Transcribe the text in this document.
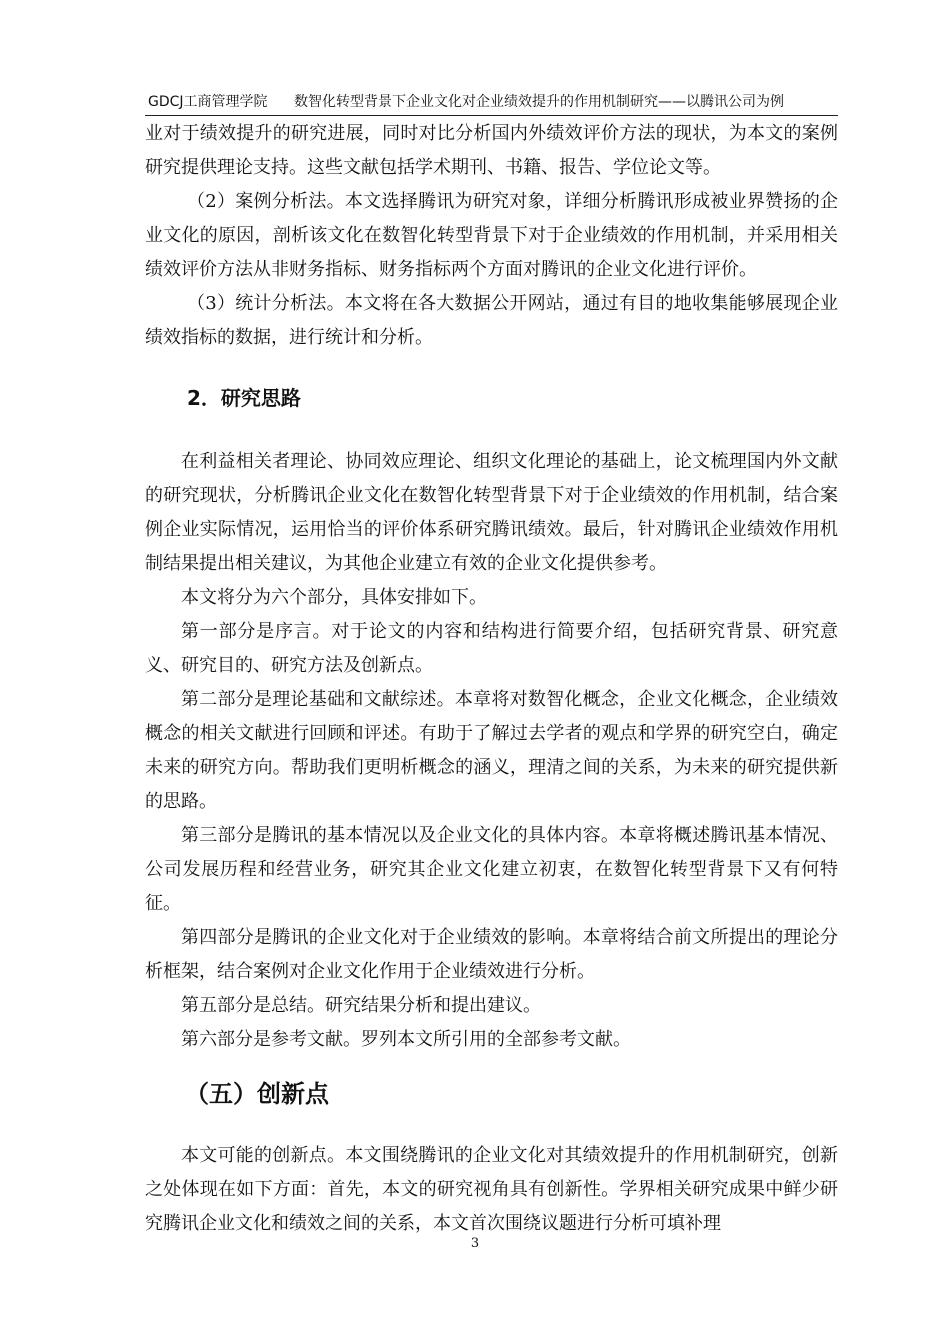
GDCJ工商管理学院 数智化转型背景下企业文化对企业绩效提升的作用机制研究——以腾讯公司为例

业对于绩效提升的研究进展，同时对比分析国内外绩效评价方法的现状，为本文的案例研究提供理论支持。这些文献包括学术期刊、书籍、报告、学位论文等。

（2）案例分析法。本文选择腾讯为研究对象，详细分析腾讯形成被业界赞扬的企业文化的原因，剖析该文化在数智化转型背景下对于企业绩效的作用机制，并采用相关绩效评价方法从非财务指标、财务指标两个方面对腾讯的企业文化进行评价。

（3）统计分析法。本文将在各大数据公开网站，通过有目的地收集能够展现企业绩效指标的数据，进行统计和分析。

2．研究思路

在利益相关者理论、协同效应理论、组织文化理论的基础上，论文梳理国内外文献的研究现状，分析腾讯企业文化在数智化转型背景下对于企业绩效的作用机制，结合案例企业实际情况，运用恰当的评价体系研究腾讯绩效。最后，针对腾讯企业绩效作用机制结果提出相关建议，为其他企业建立有效的企业文化提供参考。

本文将分为六个部分，具体安排如下。

第一部分是序言。对于论文的内容和结构进行简要介绍，包括研究背景、研究意义、研究目的、研究方法及创新点。

第二部分是理论基础和文献综述。本章将对数智化概念，企业文化概念，企业绩效概念的相关文献进行回顾和评述。有助于了解过去学者的观点和学界的研究空白，确定未来的研究方向。帮助我们更明析概念的涵义，理清之间的关系，为未来的研究提供新的思路。

第三部分是腾讯的基本情况以及企业文化的具体内容。本章将概述腾讯基本情况、公司发展历程和经营业务，研究其企业文化建立初衷，在数智化转型背景下又有何特征。

第四部分是腾讯的企业文化对于企业绩效的影响。本章将结合前文所提出的理论分析框架，结合案例对企业文化作用于企业绩效进行分析。

第五部分是总结。研究结果分析和提出建议。

第六部分是参考文献。罗列本文所引用的全部参考文献。

（五）创新点

本文可能的创新点。本文围绕腾讯的企业文化对其绩效提升的作用机制研究，创新之处体现在如下方面：首先，本文的研究视角具有创新性。学界相关研究成果中鲜少研究腾讯企业文化和绩效之间的关系，本文首次围绕议题进行分析可填补理

3
